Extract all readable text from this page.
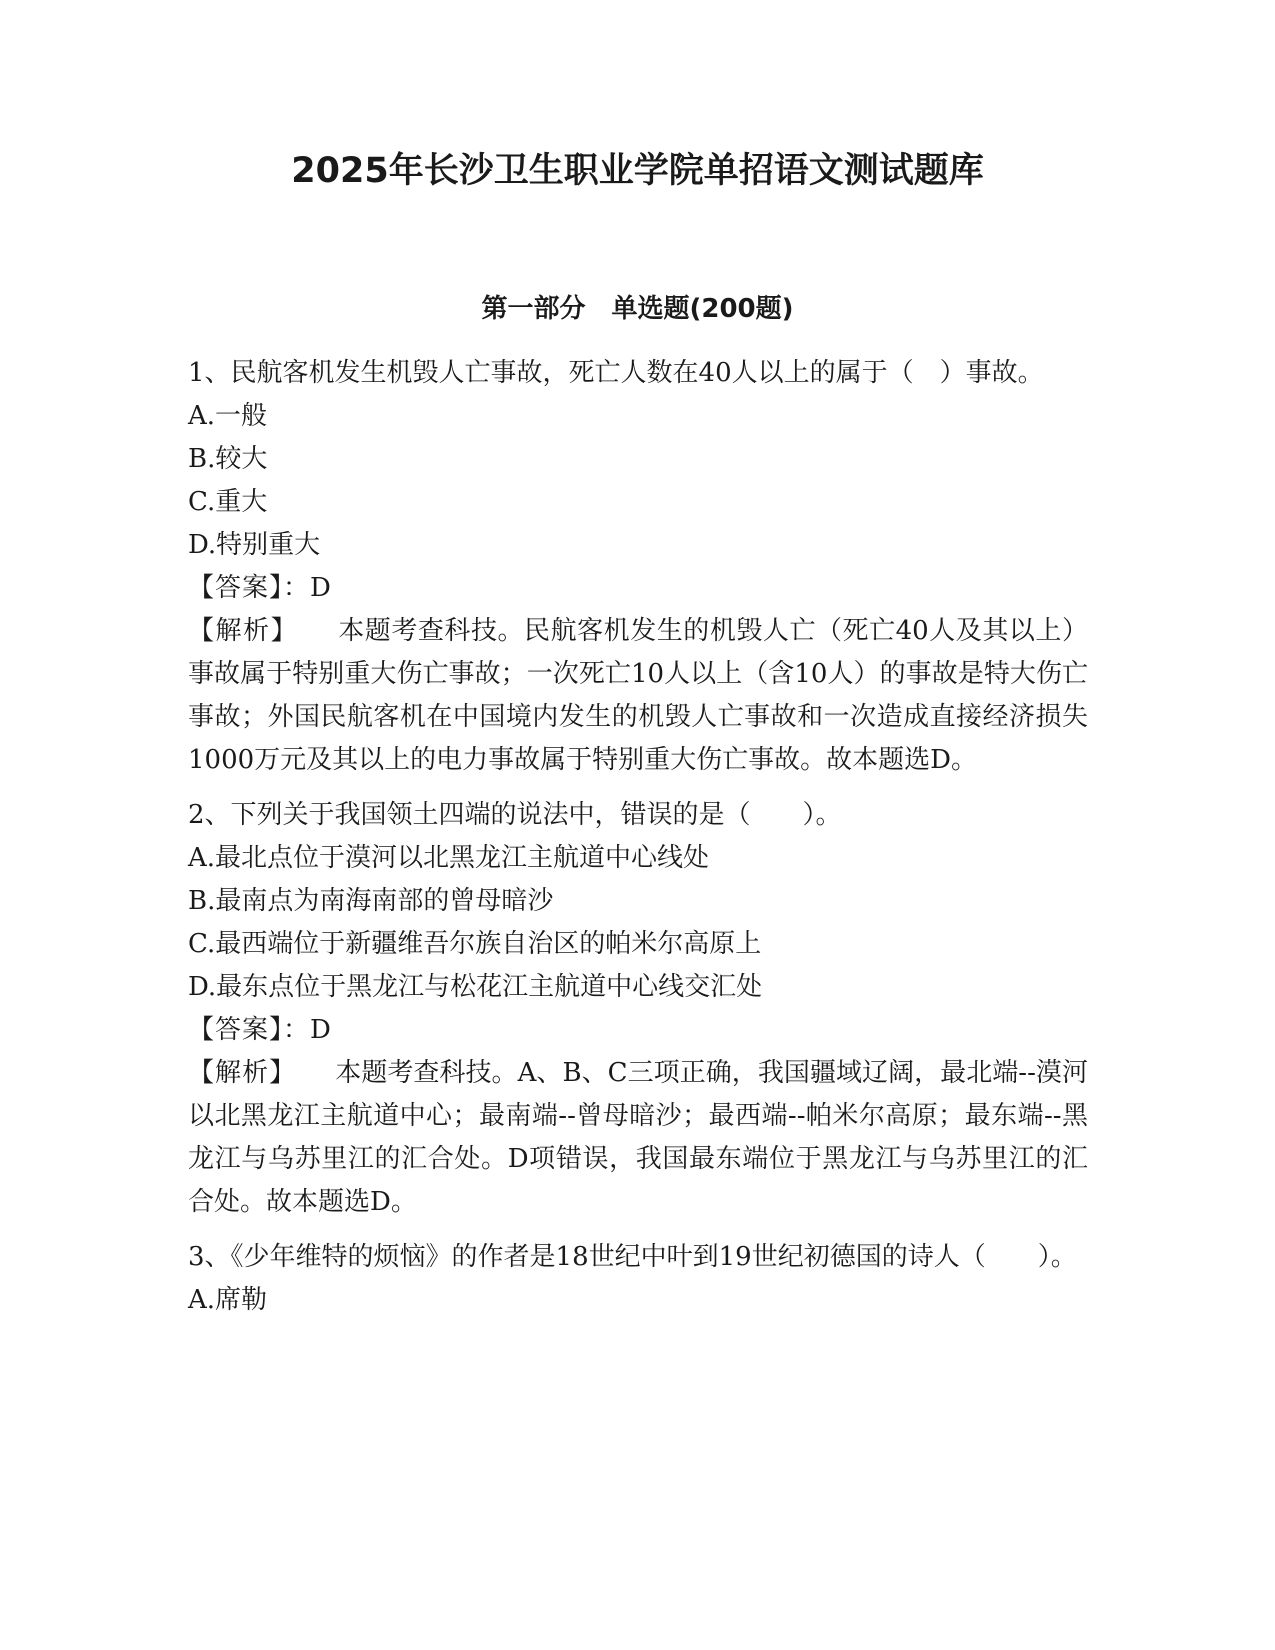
2025年长沙卫生职业学院单招语文测试题库
第一部分　单选题(200题)

1、民航客机发生机毁人亡事故，死亡人数在40人以上的属于（　）事故。

A.一般

B.较大

C.重大

D.特别重大

【答案】：D

【解析】　　本题考查科技。民航客机发生的机毁人亡（死亡40人及其以上）事故属于特别重大伤亡事故；一次死亡10人以上（含10人）的事故是特大伤亡事故；外国民航客机在中国境内发生的机毁人亡事故和一次造成直接经济损失1000万元及其以上的电力事故属于特别重大伤亡事故。故本题选D。

2、下列关于我国领土四端的说法中，错误的是（　　）。

A.最北点位于漠河以北黑龙江主航道中心线处

B.最南点为南海南部的曾母暗沙

C.最西端位于新疆维吾尔族自治区的帕米尔高原上

D.最东点位于黑龙江与松花江主航道中心线交汇处

【答案】：D

【解析】　　本题考查科技。A、B、C三项正确，我国疆域辽阔，最北端--漠河以北黑龙江主航道中心；最南端--曾母暗沙；最西端--帕米尔高原；最东端--黑龙江与乌苏里江的汇合处。D项错误，我国最东端位于黑龙江与乌苏里江的汇合处。故本题选D。

3、《少年维特的烦恼》的作者是18世纪中叶到19世纪初德国的诗人（　　）。

A.席勒
